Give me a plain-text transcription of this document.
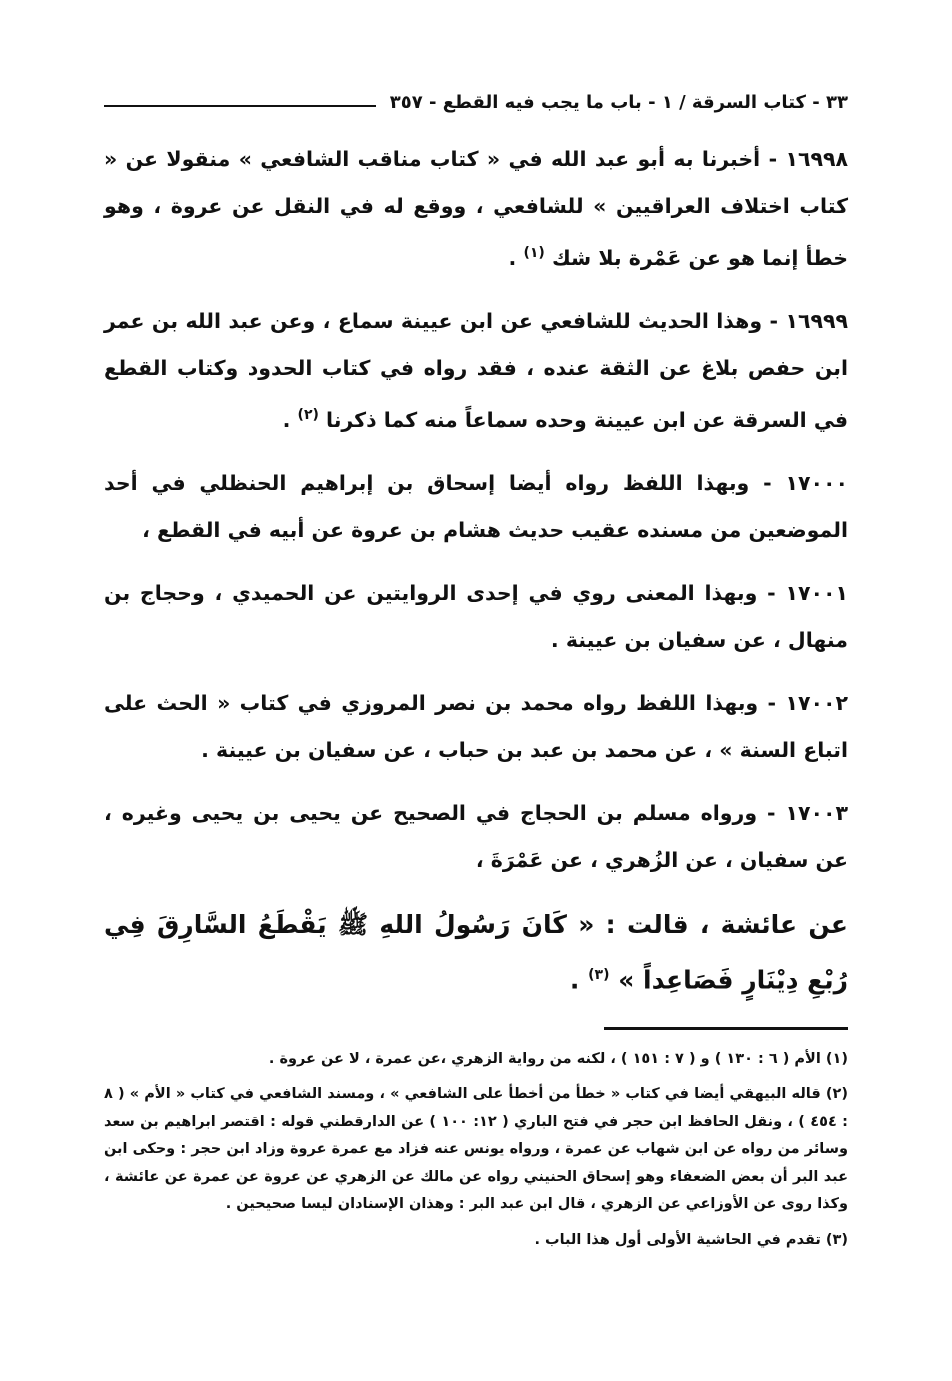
٣٣ - كتاب السرقة / ١ - باب ما يجب فيه القطع - ٣٥٧

١٦٩٩٨ - أخبرنا به أبو عبد الله في « كتاب مناقب الشافعي » منقولا عن « كتاب اختلاف العراقيين » للشافعي ، ووقع له في النقل عن عروة ، وهو خطأ إنما هو عن عَمْرة بلا شك $^{(١)}$ .

١٦٩٩٩ - وهذا الحديث للشافعي عن ابن عيينة سماع ، وعن عبد الله بن عمر ابن حفص بلاغ عن الثقة عنده ، فقد رواه في كتاب الحدود وكتاب القطع في السرقة عن ابن عيينة وحده سماعاً منه كما ذكرنا $^{(٢)}$ .

١٧٠٠٠ - وبهذا اللفظ رواه أيضا إسحاق بن إبراهيم الحنظلي في أحد الموضعين من مسنده عقيب حديث هشام بن عروة عن أبيه في القطع ،

١٧٠٠١ - وبهذا المعنى روي في إحدى الروايتين عن الحميدي ، وحجاج بن منهال ، عن سفيان بن عيينة .

١٧٠٠٢ - وبهذا اللفظ رواه محمد بن نصر المروزي في كتاب « الحث على اتباع السنة » ، عن محمد بن عبد بن حباب ، عن سفيان بن عيينة .

١٧٠٠٣ - ورواه مسلم بن الحجاج في الصحيح عن يحيى بن يحيى وغيره ، عن سفيان ، عن الزُهري ، عن عَمْرَةَ ،

عن عائشة ، قالت : « كَانَ رَسُولُ اللهِ ﷺ يَقْطَعُ السَّارِقَ فِي رُبْعِ دِيْنَارٍ فَصَاعِداً » $^{(٣)}$ .

(١) الأم ( ٦ : ١٣٠ ) و ( ٧ : ١٥١ ) ، لكنه من رواية الزهري ،عن عمرة ، لا عن عروة .

(٢) قاله البيهقي أيضا في كتاب « خطأ من أخطأ على الشافعي » ، ومسند الشافعي في كتاب « الأم » ( ٨ : ٤٥٤ ) ، ونقل الحافظ ابن حجر في فتح الباري ( ١٢: ١٠٠ ) عن الدارقطني قوله : اقتصر ابراهيم بن سعد وسائر من رواه عن ابن شهاب عن عمرة ، ورواه يونس عنه فزاد مع عمرة عروة وزاد ابن حجر : وحكى ابن عبد البر أن بعض الضعفاء وهو إسحاق الحنيني رواه عن مالك عن الزهري عن عروة عن عمرة عن عائشة ، وكذا روى عن الأوزاعي عن الزهري ، قال ابن عبد البر : وهذان الإسنادان ليسا صحيحين .

(٣) تقدم في الحاشية الأولى أول هذا الباب .
